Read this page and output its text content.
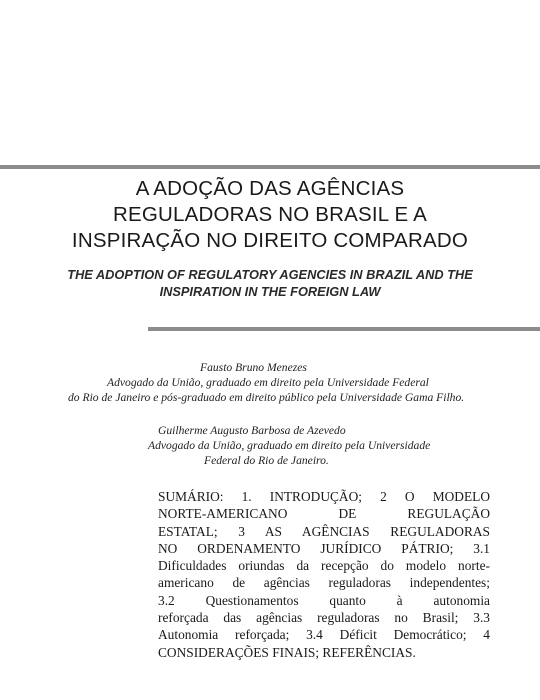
A ADOÇÃO DAS AGÊNCIAS
REGULADORAS NO BRASIL E A
INSPIRAÇÃO NO DIREITO COMPARADO
THE ADOPTION OF REGULATORY AGENCIES IN BRAZIL AND THE
INSPIRATION IN THE FOREIGN LAW
Fausto Bruno Menezes
Advogado da União, graduado em direito pela Universidade Federal
do Rio de Janeiro e pós-graduado em direito público pela Universidade Gama Filho.
Guilherme Augusto Barbosa de Azevedo
Advogado da União, graduado em direito pela Universidade
Federal do Rio de Janeiro.
SUMÁRIO: 1. INTRODUÇÃO; 2 O MODELO
NORTE-AMERICANO DE REGULAÇÃO
ESTATAL; 3 AS AGÊNCIAS REGULADORAS
NO ORDENAMENTO JURÍDICO PÁTRIO; 3.1
Dificuldades oriundas da recepção do modelo norte-
americano de agências reguladoras independentes;
3.2 Questionamentos quanto à autonomia
reforçada das agências reguladoras no Brasil; 3.3
Autonomia reforçada; 3.4 Déficit Democrático; 4
CONSIDERAÇÕES FINAIS; REFERÊNCIAS.
